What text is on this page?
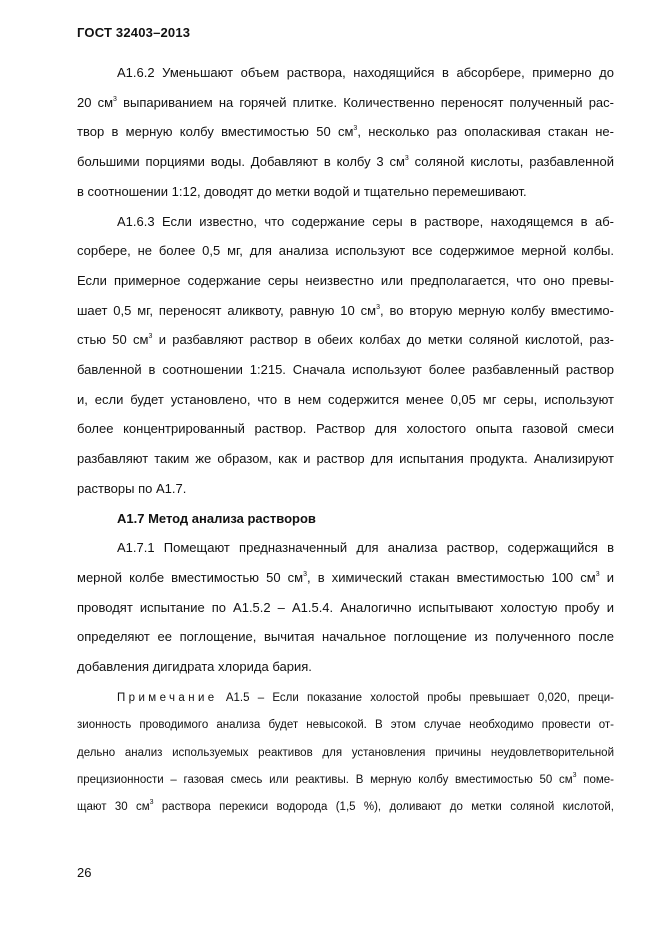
ГОСТ 32403–2013

А1.6.2 Уменьшают объем раствора, находящийся в абсорбере, примерно до
20 $см^3$ выпариванием на горячей плитке. Количественно переносят полученный рас-
твор в мерную колбу вместимостью 50 $см^3$, несколько раз ополаскивая стакан не-
большими порциями воды. Добавляют в колбу 3 $см^3$ соляной кислоты, разбавленной
в соотношении 1:12, доводят до метки водой и тщательно перемешивают.

А1.6.3 Если известно, что содержание серы в растворе, находящемся в аб-
сорбере, не более 0,5 мг, для анализа используют все содержимое мерной колбы.
Если примерное содержание серы неизвестно или предполагается, что оно превы-
шает 0,5 мг, переносят аликвоту, равную 10 $см^3$, во вторую мерную колбу вместимо-
стью 50 $см^3$ и разбавляют раствор в обеих колбах до метки соляной кислотой, раз-
бавленной в соотношении 1:215. Сначала используют более разбавленный раствор
и, если будет установлено, что в нем содержится менее 0,05 мг серы, используют
более концентрированный раствор. Раствор для холостого опыта газовой смеси
разбавляют таким же образом, как и раствор для испытания продукта. Анализируют
растворы по А1.7.

А1.7 Метод анализа растворов

А1.7.1 Помещают предназначенный для анализа раствор, содержащийся в
мерной колбе вместимостью 50 $см^3$, в химический стакан вместимостью 100 $см^3$ и
проводят испытание по А1.5.2 – А1.5.4. Аналогично испытывают холостую пробу и
определяют ее поглощение, вычитая начальное поглощение из полученного после
добавления дигидрата хлорида бария.

Примечание А1.5 – Если показание холостой пробы превышает 0,020, преци-
зионность проводимого анализа будет невысокой. В этом случае необходимо провести от-
дельно анализ используемых реактивов для установления причины неудовлетворительной
прецизионности – газовая смесь или реактивы. В мерную колбу вместимостью 50 $см^3$ поме-
щают 30 $см^3$ раствора перекиси водорода (1,5 %), доливают до метки соляной кислотой,

26
